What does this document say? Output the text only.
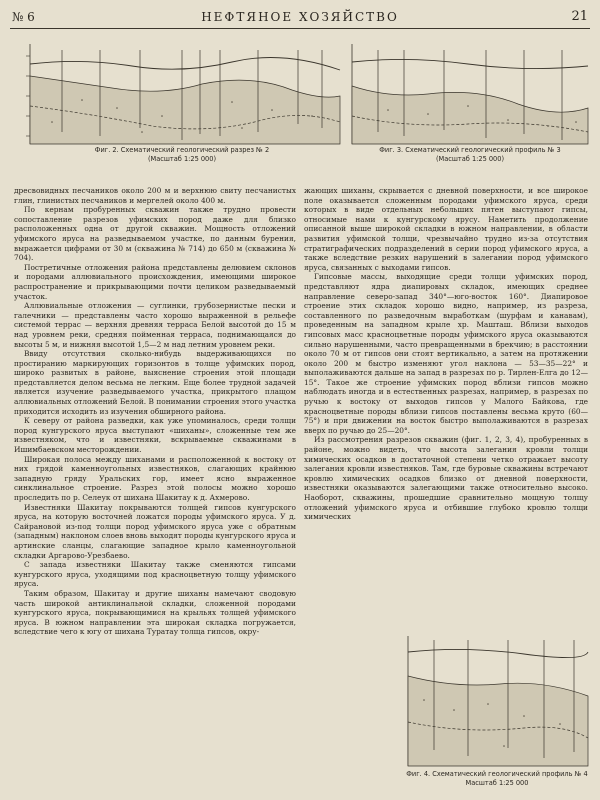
№ 6	НЕФТЯНОЕ ХОЗЯЙСТВО	21
Фиг. 2. Схематический геологический разрез № 2
(Масштаб 1:25 000)
Фиг. 3. Схематический геологический профиль № 3
(Масштаб 1:25 000)

дресвовидных песчаников около 200 м и верхнюю свиту песчанистых глин, глинистых песчаников и мергелей около 400 м.

По кернам пробуренных скважин также трудно провести сопоставление разрезов уфимских пород даже для близко расположенных одна от другой скважин. Мощность отложений уфимского яруса на разведываемом участке, по данным бурения, выражается цифрами от 30 м (скважина № 714) до 650 м (скважина № 704).

Постретичные отложения района представлены делювием склонов и породами аллювиального происхождения, имеющими широкое распространение и прикрывающими почти целиком разведываемый участок.

Аллювиальные отложения — суглинки, грубозернистые пески и галечники — представлены часто хорошо выраженной в рельефе системой террас — верхняя древняя терраса Белой высотой до 15 м над уровнем реки, средняя пойменная терраса, поднимающаяся до высоты 5 м, и нижняя высотой 1,5—2 м над летним уровнем реки.

Ввиду отсутствия сколько-нибудь выдерживающихся по простиранию маркирующих горизонтов в толще уфимских пород, широко развитых в районе, выяснение строения этой площади представляется делом весьма не легким. Еще более трудной задачей является изучение разведываемого участка, прикрытого плащом аллювиальных отложений Белой. В понимании строения этого участка приходится исходить из изучения обширного района.

К северу от района разведки, как уже упоминалось, среди толщи пород кунгурского яруса выступают «шиханы», сложенные тем же известняком, что и известняки, вскрываемые скважинами в Ишимбаевском месторождении.

Широкая полоса между шиханами и расположенной к востоку от них грядой каменноугольных известняков, слагающих крайнюю западную гряду Уральских гор, имеет ясно выраженное синклинальное строение. Разрез этой полосы можно хорошо проследить по р. Селеук от шихана Шакитау к д. Ахмерово.

Известняки Шакитау покрываются толщей гипсов кунгурского яруса, на которую восточней ложатся породы уфимского яруса. У д. Сайрановой из-под толщи пород уфимского яруса уже с обратным (западным) наклоном слоев вновь выходят породы кунгурского яруса и артинские сланцы, слагающие западное крыло каменноугольной складки Аргарово-Урезбаево.

С запада известняки Шакитау также сменяются гипсами кунгурского яруса, уходящими под красноцветную толщу уфимского яруса.

Таким образом, Шакитау и другие шиханы намечают сводовую часть широкой антиклинальной складки, сложенной породами кунгурского яруса, покрывающимися на крыльях толщей уфимского яруса. В южном направлении эта широкая складка погружается, вследствие чего к югу от шихана Туратау толща гипсов, окру-

жающих шиханы, скрывается с дневной поверхности, и все широкое поле оказывается сложенным породами уфимского яруса, среди которых в виде отдельных небольших пятен выступают гипсы, относимые нами к кунгурскому ярусу. Наметить продолжение описанной выше широкой складки в южном направлении, в области развития уфимской толщи, чрезвычайно трудно из-за отсутствия стратиграфических подразделений в серии пород уфимского яруса, а также вследствие резких нарушений в залегании пород уфимского яруса, связанных с выходами гипсов.

Гипсовые массы, выходящие среди толщи уфимских пород, представляют ядра диапировых складок, имеющих среднее направление северо-запад 340°—юго-восток 160°. Диапировое строение этих складок хорошо видно, например, из разреза, составленного по разведочным выработкам (шурфам и канавам), проведенным на западном крыле хр. Машташ. Вблизи выходов гипсовых масс красноцветные породы уфимского яруса оказываются сильно нарушенными, часто превращенными в брекчию; в расстоянии около 70 м от гипсов они стоят вертикально, а затем на протяжении около 200 м быстро изменяют угол наклона — 53—35—22° и выполаживаются дальше на запад в разрезах по р. Тирлен-Елга до 12—15°. Такое же строение уфимских пород вблизи гипсов можно наблюдать иногда и в естественных разрезах, например, в разрезах по ручью к востоку от выходов гипсов у Малого Байкова, где красноцветные породы вблизи гипсов поставлены весьма круто (60—75°) и при движении на восток быстро выполаживаются в разрезах вверх по ручью до 25—20°.

Из рассмотрения разрезов скважин (фиг. 1, 2, 3, 4), пробуренных в районе, можно видеть, что высота залегания кровли толщи химических осадков в достаточной степени четко отражает высоту залегания кровли известняков. Там, где буровые скважины встречают кровлю химических осадков близко от дневной поверхности, известняки оказываются залегающими также относительно высоко. Наоборот, скважины, прошедшие сравнительно мощную толщу отложений уфимского яруса и отбившие глубоко кровлю толщи химических

Фиг. 4. Схематический геологический профиль № 4
Масштаб 1:25 000
